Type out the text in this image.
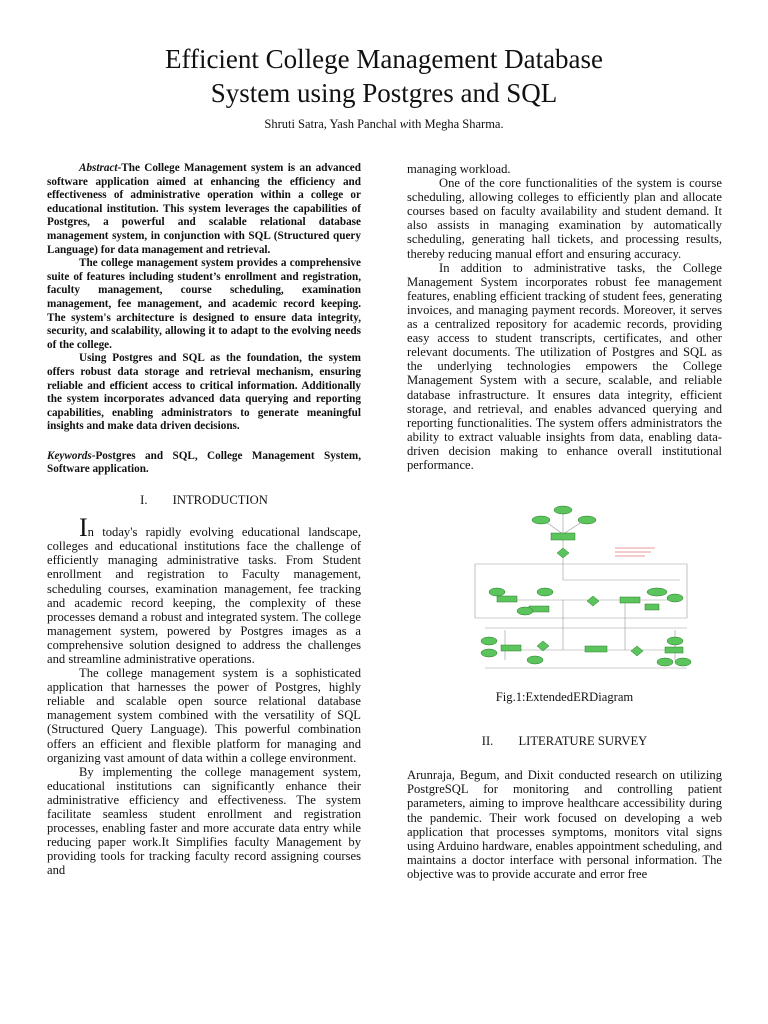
Efficient College Management Database
System using Postgres and SQL
Shruti Satra, Yash Panchal with Megha Sharma.

Abstract-The College Management system is an advanced software application aimed at enhancing the efficiency and effectiveness of administrative operation within a college or educational institution. This system leverages the capabilities of Postgres, a powerful and scalable relational database management system, in conjunction with SQL (Structured query Language) for data management and retrieval.

The college management system provides a comprehensive suite of features including student’s enrollment and registration, faculty management, course scheduling, examination management, fee management, and academic record keeping. The system's architecture is designed to ensure data integrity, security, and scalability, allowing it to adapt to the evolving needs of the college.

Using Postgres and SQL as the foundation, the system offers robust data storage and retrieval mechanism, ensuring reliable and efficient access to critical information. Additionally the system incorporates advanced data querying and reporting capabilities, enabling administrators to generate meaningful insights and make data driven decisions.

Keywords-Postgres and SQL, College Management System, Software application.

I.        INTRODUCTION

In today's rapidly evolving educational landscape, colleges and educational institutions face the challenge of efficiently managing administrative tasks. From Student enrollment and registration to Faculty management, scheduling courses, examination management, fee tracking and academic record keeping, the complexity of these processes demand a robust and integrated system. The college management system, powered by Postgres images as a comprehensive solution designed to address the challenges and streamline administrative operations.

The college management system is a sophisticated application that harnesses the power of Postgres, highly reliable and scalable open source relational database management system combined with the versatility of SQL (Structured Query Language). This powerful combination offers an efficient and flexible platform for managing and organizing vast amount of data within a college environment.

By implementing the college management system, educational institutions can significantly enhance their administrative efficiency and effectiveness. The system facilitate seamless student enrollment and registration processes, enabling faster and more accurate data entry while reducing paper work.It Simplifies faculty Management by providing tools for tracking faculty record assigning courses and

managing workload.

One of the core functionalities of the system is course scheduling, allowing colleges to efficiently plan and allocate courses based on faculty availability and student demand. It also assists in managing examination by automatically scheduling, generating hall tickets, and processing results, thereby reducing manual effort and ensuring accuracy.

In addition to administrative tasks, the College Management System incorporates robust fee management features, enabling efficient tracking of student fees, generating invoices, and managing payment records. Moreover, it serves as a centralized repository for academic records, providing easy access to student transcripts, certificates, and other relevant documents. The utilization of Postgres and SQL as the underlying technologies empowers the College Management System with a secure, scalable, and reliable database infrastructure. It ensures data integrity, efficient storage, and retrieval, and enables advanced querying and reporting functionalities. The system offers administrators the ability to extract valuable insights from data, enabling data-driven decision making to enhance overall institutional performance.

Fig.1:ExtendedERDiagram

II.        LITERATURE SURVEY

Arunraja, Begum, and Dixit conducted research on utilizing PostgreSQL for monitoring and controlling patient parameters, aiming to improve healthcare accessibility during the pandemic. Their work focused on developing a web application that processes symptoms, monitors vital signs using Arduino hardware, enables appointment scheduling, and maintains a doctor interface with personal information. The objective was to provide accurate and error free
